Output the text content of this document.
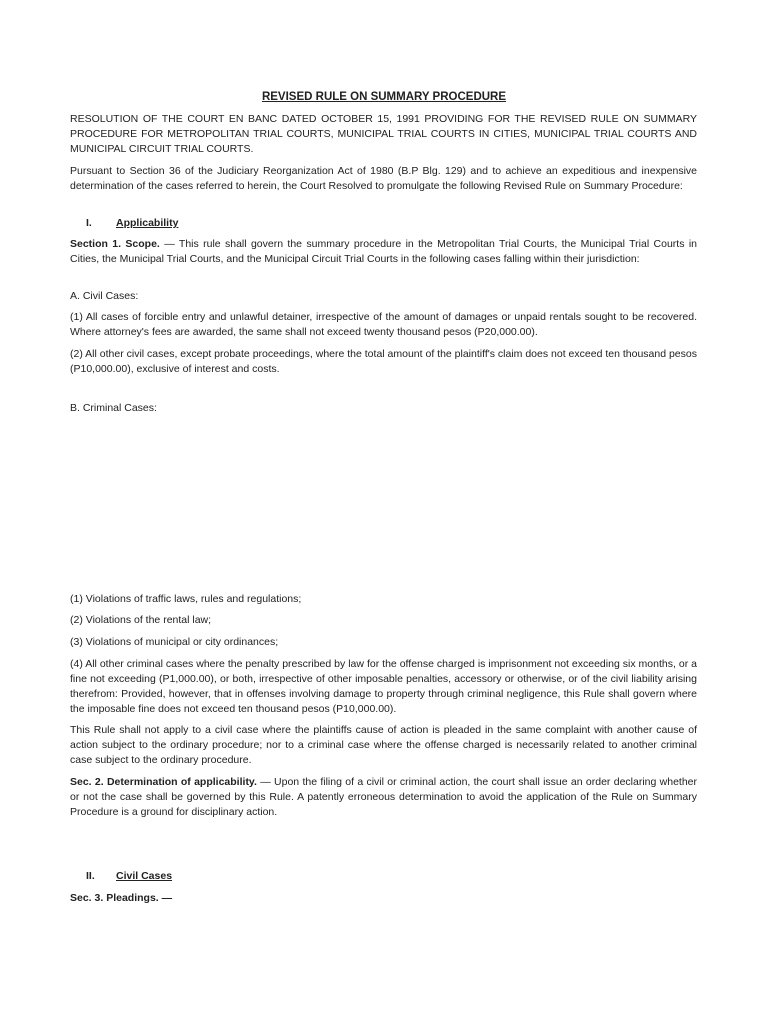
REVISED RULE ON SUMMARY PROCEDURE

RESOLUTION OF THE COURT EN BANC DATED OCTOBER 15, 1991 PROVIDING FOR THE REVISED RULE ON SUMMARY PROCEDURE FOR METROPOLITAN TRIAL COURTS, MUNICIPAL TRIAL COURTS IN CITIES, MUNICIPAL TRIAL COURTS AND MUNICIPAL CIRCUIT TRIAL COURTS.

Pursuant to Section 36 of the Judiciary Reorganization Act of 1980 (B.P Blg. 129) and to achieve an expeditious and inexpensive determination of the cases referred to herein, the Court Resolved to promulgate the following Revised Rule on Summary Procedure:

I. Applicability

Section 1. Scope. — This rule shall govern the summary procedure in the Metropolitan Trial Courts, the Municipal Trial Courts in Cities, the Municipal Trial Courts, and the Municipal Circuit Trial Courts in the following cases falling within their jurisdiction:

A. Civil Cases:

(1) All cases of forcible entry and unlawful detainer, irrespective of the amount of damages or unpaid rentals sought to be recovered. Where attorney's fees are awarded, the same shall not exceed twenty thousand pesos (P20,000.00).

(2) All other civil cases, except probate proceedings, where the total amount of the plaintiff's claim does not exceed ten thousand pesos (P10,000.00), exclusive of interest and costs.

B. Criminal Cases:

(1) Violations of traffic laws, rules and regulations;

(2) Violations of the rental law;

(3) Violations of municipal or city ordinances;

(4) All other criminal cases where the penalty prescribed by law for the offense charged is imprisonment not exceeding six months, or a fine not exceeding (P1,000.00), or both, irrespective of other imposable penalties, accessory or otherwise, or of the civil liability arising therefrom: Provided, however, that in offenses involving damage to property through criminal negligence, this Rule shall govern where the imposable fine does not exceed ten thousand pesos (P10,000.00).

This Rule shall not apply to a civil case where the plaintiffs cause of action is pleaded in the same complaint with another cause of action subject to the ordinary procedure; nor to a criminal case where the offense charged is necessarily related to another criminal case subject to the ordinary procedure.

Sec. 2. Determination of applicability. — Upon the filing of a civil or criminal action, the court shall issue an order declaring whether or not the case shall be governed by this Rule. A patently erroneous determination to avoid the application of the Rule on Summary Procedure is a ground for disciplinary action.

II. Civil Cases

Sec. 3. Pleadings. —
